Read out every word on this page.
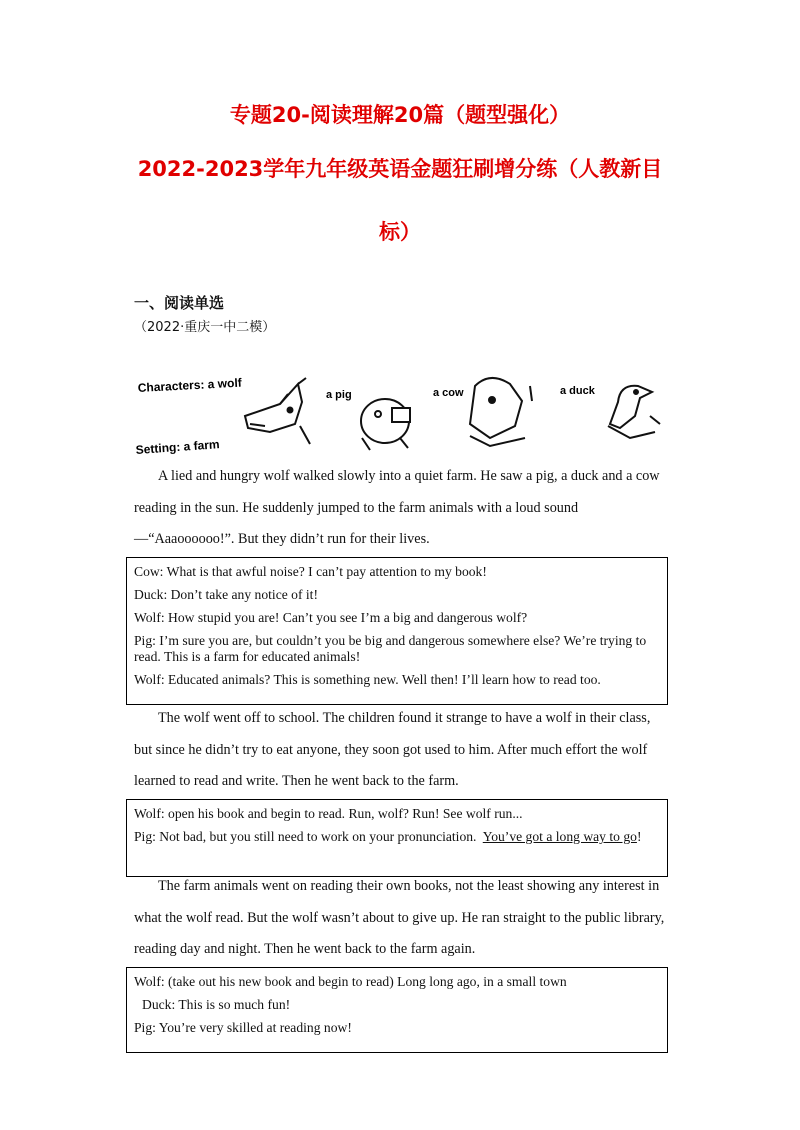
专题20-阅读理解20篇（题型强化）
2022-2023学年九年级英语金题狂刷增分练（人教新目
标）
一、阅读单选
（2022·重庆一中二模）
Characters: a wolf
Setting: a farm
a pig	a cow	a duck
A lied and hungry wolf walked slowly into a quiet farm. He saw a pig, a duck and a cow reading in the sun. He suddenly jumped to the farm animals with a loud sound—“Aaaoooooo!”. But they didn’t run for their lives.
Cow: What is that awful noise? I can’t pay attention to my book!
Duck: Don’t take any notice of it!
Wolf: How stupid you are! Can’t you see I’m a big and dangerous wolf?
Pig: I’m sure you are, but couldn’t you be big and dangerous somewhere else? We’re trying to read. This is a farm for educated animals!
Wolf: Educated animals? This is something new. Well then! I’ll learn how to read too.
The wolf went off to school. The children found it strange to have a wolf in their class, but since he didn’t try to eat anyone, they soon got used to him. After much effort the wolf learned to read and write. Then he went back to the farm.
Wolf: open his book and begin to read. Run, wolf? Run! See wolf run...
Pig: Not bad, but you still need to work on your pronunciation.  You’ve got a long way to go!
The farm animals went on reading their own books, not the least showing any interest in what the wolf read. But the wolf wasn’t about to give up. He ran straight to the public library, reading day and night. Then he went back to the farm again.
Wolf: (take out his new book and begin to read) Long long ago, in a small town
Duck: This is so much fun!
Pig: You’re very skilled at reading now!
